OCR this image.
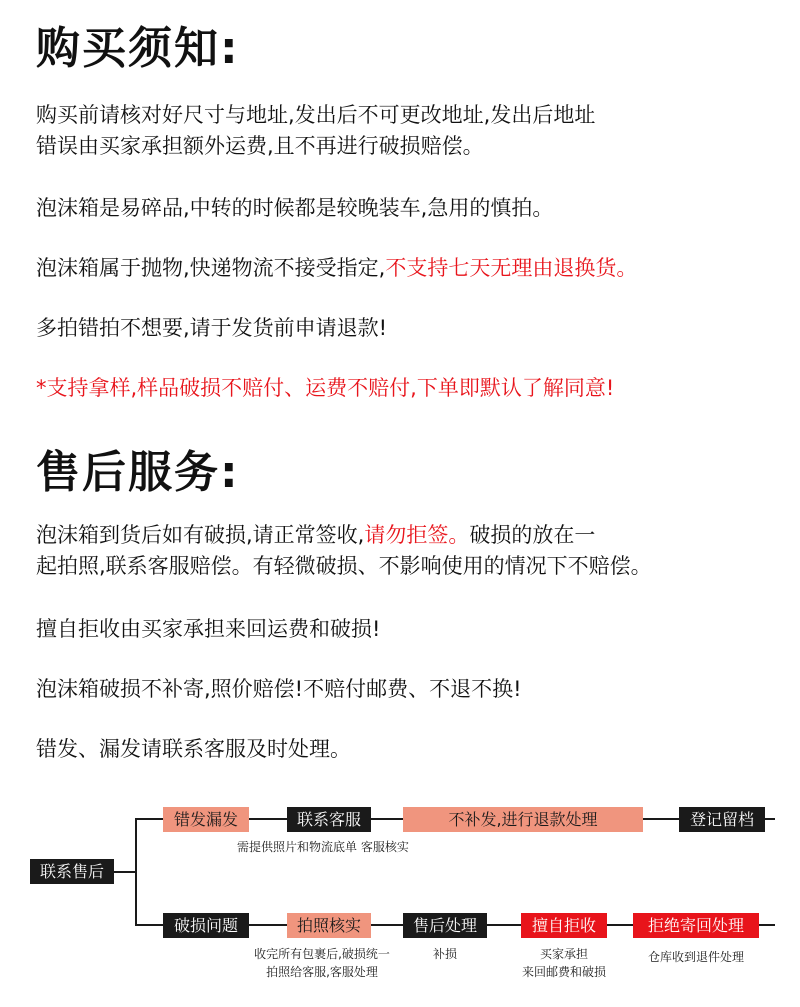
购买须知:

购买前请核对好尺寸与地址,发出后不可更改地址,发出后地址
错误由买家承担额外运费,且不再进行破损赔偿。

泡沫箱是易碎品,中转的时候都是较晚装车,急用的慎拍。

泡沫箱属于抛物,快递物流不接受指定,不支持七天无理由退换货。

多拍错拍不想要,请于发货前申请退款!

*支持拿样,样品破损不赔付、运费不赔付,下单即默认了解同意!

售后服务:

泡沫箱到货后如有破损,请正常签收,请勿拒签。破损的放在一
起拍照,联系客服赔偿。有轻微破损、不影响使用的情况下不赔偿。

擅自拒收由买家承担来回运费和破损!

泡沫箱破损不补寄,照价赔偿!不赔付邮费、不退不换!

错发、漏发请联系客服及时处理。

联系售后
错发漏发	联系客服	不补发,进行退款处理	登记留档
需提供照片和物流底单 客服核实
破损问题	拍照核实	售后处理	擅自拒收	拒绝寄回处理
收完所有包裹后,破损统一
拍照给客服,客服处理
补损	买家承担
来回邮费和破损
仓库收到退件处理
